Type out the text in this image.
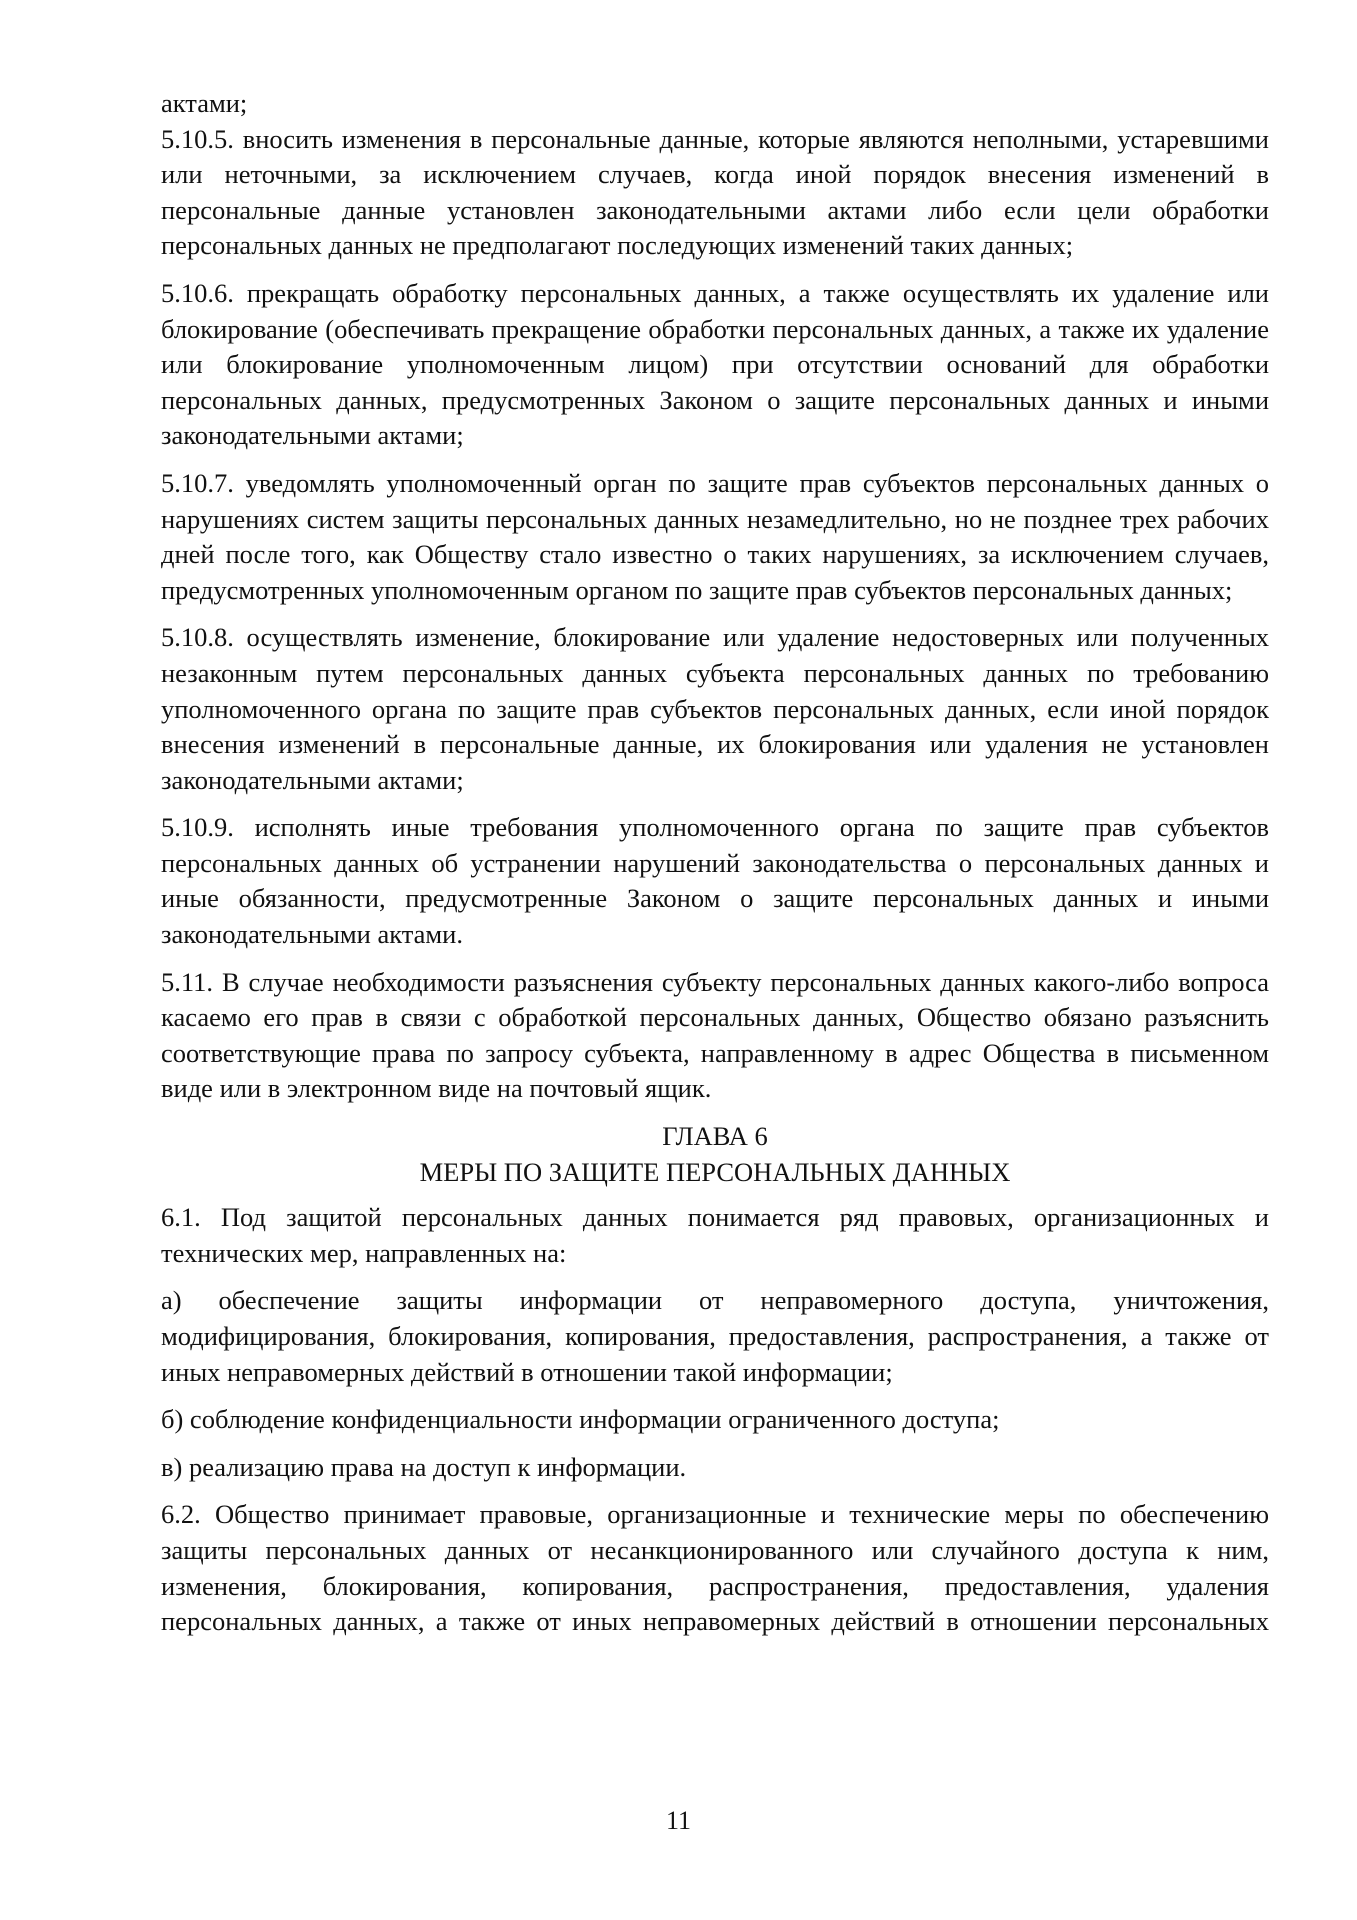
актами;

5.10.5. вносить изменения в персональные данные, которые являются неполными, устаревшими или неточными, за исключением случаев, когда иной порядок внесения изменений в персональные данные установлен законодательными актами либо если цели обработки персональных данных не предполагают последующих изменений таких данных;

5.10.6. прекращать обработку персональных данных, а также осуществлять их удаление или блокирование (обеспечивать прекращение обработки персональных данных, а также их удаление или блокирование уполномоченным лицом) при отсутствии оснований для обработки персональных данных, предусмотренных Законом о защите персональных данных и иными законодательными актами;

5.10.7. уведомлять уполномоченный орган по защите прав субъектов персональных данных о нарушениях систем защиты персональных данных незамедлительно, но не позднее трех рабочих дней после того, как Обществу стало известно о таких нарушениях, за исключением случаев, предусмотренных уполномоченным органом по защите прав субъектов персональных данных;

5.10.8. осуществлять изменение, блокирование или удаление недостоверных или полученных незаконным путем персональных данных субъекта персональных данных по требованию уполномоченного органа по защите прав субъектов персональных данных, если иной порядок внесения изменений в персональные данные, их блокирования или удаления не установлен законодательными актами;

5.10.9. исполнять иные требования уполномоченного органа по защите прав субъектов персональных данных об устранении нарушений законодательства о персональных данных и иные обязанности, предусмотренные Законом о защите персональных данных и иными законодательными актами.

5.11. В случае необходимости разъяснения субъекту персональных данных какого-либо вопроса касаемо его прав в связи с обработкой персональных данных, Общество обязано разъяснить соответствующие права по запросу субъекта, направленному в адрес Общества в письменном виде или в электронном виде на почтовый ящик.

ГЛАВА 6

МЕРЫ ПО ЗАЩИТЕ ПЕРСОНАЛЬНЫХ ДАННЫХ

6.1. Под защитой персональных данных понимается ряд правовых, организационных и технических мер, направленных на:

а) обеспечение защиты информации от неправомерного доступа, уничтожения, модифицирования, блокирования, копирования, предоставления, распространения, а также от иных неправомерных действий в отношении такой информации;

б) соблюдение конфиденциальности информации ограниченного доступа;

в) реализацию права на доступ к информации.

6.2. Общество принимает правовые, организационные и технические меры по обеспечению защиты персональных данных от несанкционированного или случайного доступа к ним, изменения, блокирования, копирования, распространения, предоставления, удаления персональных данных, а также от иных неправомерных действий в отношении персональных

11
